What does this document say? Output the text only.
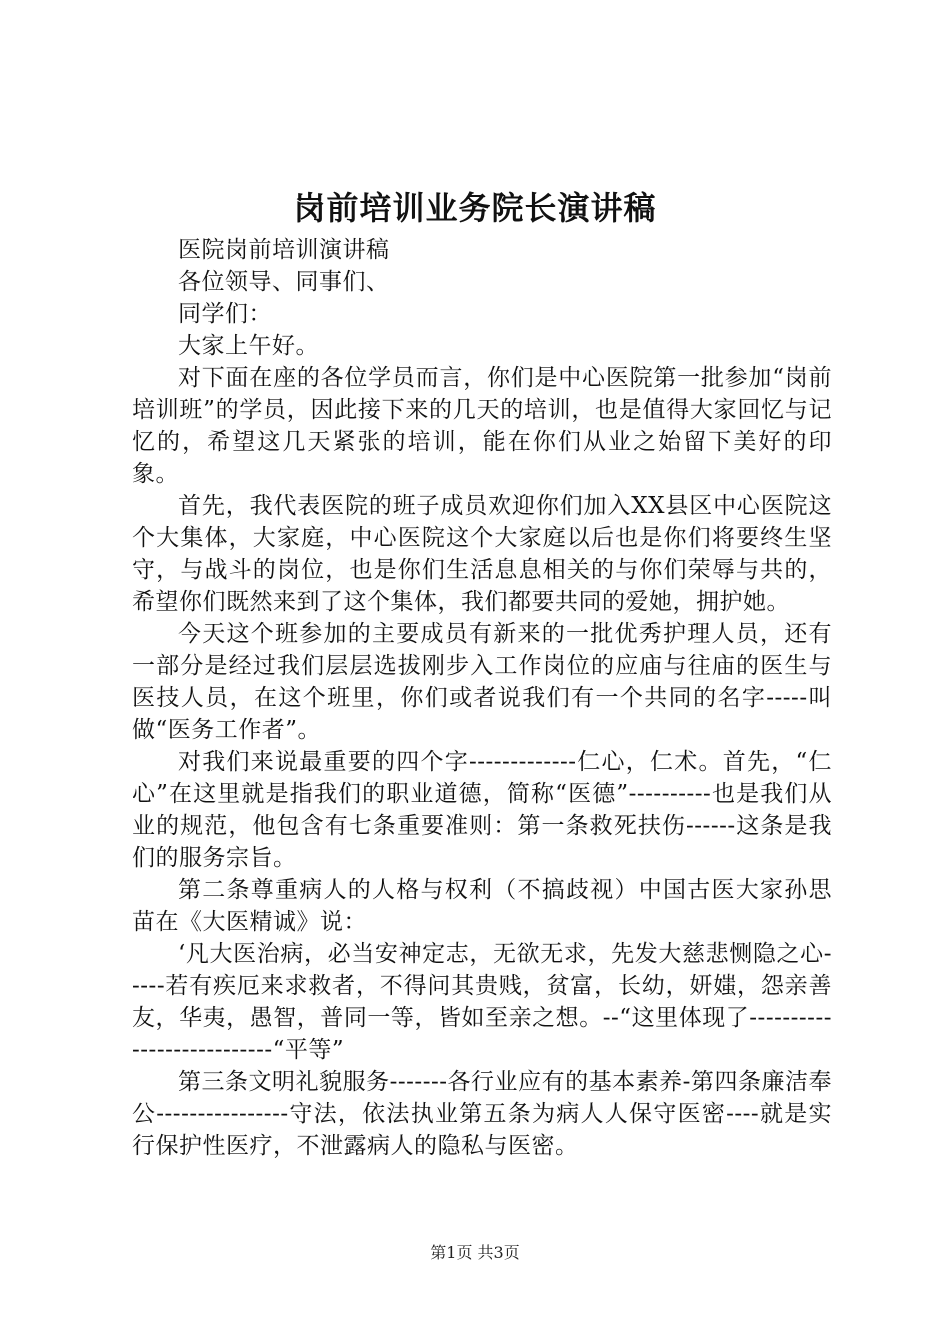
岗前培训业务院长演讲稿

医院岗前培训演讲稿

各位领导、同事们、

同学们：

大家上午好。

对下面在座的各位学员而言，你们是中心医院第一批参加“岗前培训班”的学员，因此接下来的几天的培训，也是值得大家回忆与记忆的，希望这几天紧张的培训，能在你们从业之始留下美好的印象。

首先，我代表医院的班子成员欢迎你们加入XX县区中心医院这个大集体，大家庭，中心医院这个大家庭以后也是你们将要终生坚守，与战斗的岗位，也是你们生活息息相关的与你们荣辱与共的，希望你们既然来到了这个集体，我们都要共同的爱她，拥护她。

今天这个班参加的主要成员有新来的一批优秀护理人员，还有一部分是经过我们层层选拔刚步入工作岗位的应庙与往庙的医生与医技人员，在这个班里，你们或者说我们有一个共同的名字-----叫做“医务工作者”。

对我们来说最重要的四个字-------------仁心，仁术。首先，“仁心”在这里就是指我们的职业道德，简称“医德”----------也是我们从业的规范，他包含有七条重要准则：第一条救死扶伤------这条是我们的服务宗旨。

第二条尊重病人的人格与权利（不搞歧视）中国古医大家孙思苗在《大医精诚》说：

‘凡大医治病，必当安神定志，无欲无求，先发大慈悲恻隐之心-----若有疾厄来求救者，不得问其贵贱，贫富，长幼，妍媸，怨亲善友，华夷，愚智，普同一等，皆如至亲之想。--“这里体现了---------------------------“平等”

第三条文明礼貌服务-------各行业应有的基本素养-第四条廉洁奉公----------------守法，依法执业第五条为病人人保守医密----就是实行保护性医疗，不泄露病人的隐私与医密。

第1页 共3页
